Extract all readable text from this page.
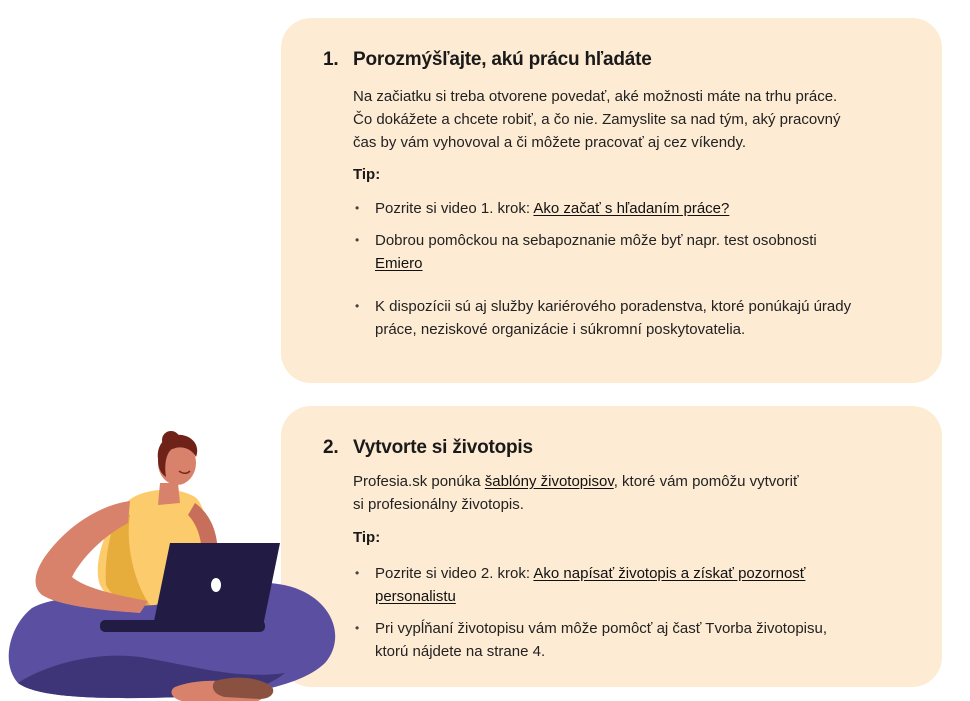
1. Porozmýšľajte, akú prácu hľadáte

Na začiatku si treba otvorene povedať, aké možnosti máte na trhu práce.
Čo dokážete a chcete robiť, a čo nie. Zamyslite sa nad tým, aký pracovný
čas by vám vyhovoval a či môžete pracovať aj cez víkendy.

Tip:

• Pozrite si video 1. krok: Ako začať s hľadaním práce?
• Dobrou pomôckou na sebapoznanie môže byť napr. test osobnosti
Emiero
• K dispozícii sú aj služby kariérového poradenstva, ktoré ponúkajú úrady
práce, neziskové organizácie i súkromní poskytovatelia.
2. Vytvorte si životopis

Profesia.sk ponúka šablóny životopisov, ktoré vám pomôžu vytvoriť
si profesionálny životopis.

Tip:

• Pozrite si video 2. krok: Ako napísať životopis a získať pozornosť
personalistu
• Pri vypĺňaní životopisu vám môže pomôcť aj časť Tvorba životopisu,
ktorú nájdete na strane 4.
